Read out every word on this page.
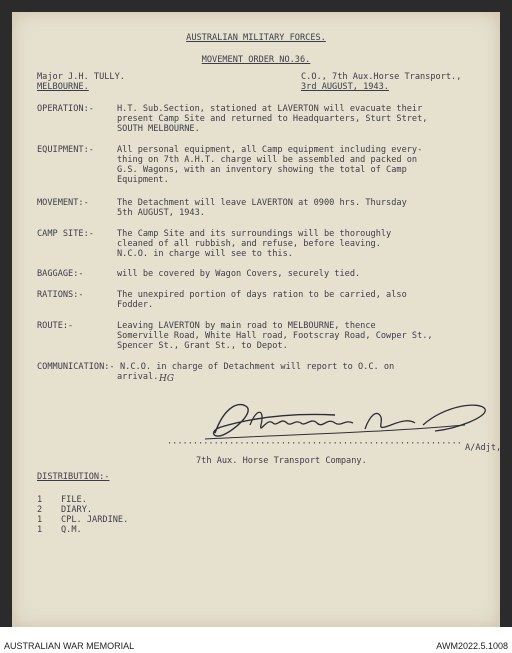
AUSTRALIAN MILITARY FORCES.
MOVEMENT ORDER NO.36.
Major J.H. TULLY.
MELBOURNE.
C.O., 7th Aux.Horse Transport.,
3rd AUGUST, 1943.
OPERATION:-	H.T. Sub.Section, stationed at LAVERTON will evacuate their
present Camp Site and returned to Headquarters, Sturt Stret,
SOUTH MELBOURNE.
EQUIPMENT:-	All personal equipment, all Camp equipment including every-
thing on 7th A.H.T. charge will be assembled and packed on
G.S. Wagons, with an inventory showing the total of Camp
Equipment.
MOVEMENT:-	The Detachment will leave LAVERTON at 0900 hrs. Thursday
5th AUGUST, 1943.
CAMP SITE:-	The Camp Site and its surroundings will be thoroughly
cleaned of all rubbish, and refuse, before leaving.
N.C.O. in charge will see to this.
BAGGAGE:-	will be covered by Wagon Covers, securely tied.
RATIONS:-	The unexpired portion of days ration to be carried, also
Fodder.
ROUTE:-	Leaving LAVERTON by main road to MELBOURNE, thence
Somerville Road, White Hall road, Footscray Road, Cowper St.,
Spencer St., Grant St., to Depot.
COMMUNICATION:- N.C.O. in charge of Detachment will report to O.C. on
arrival. HG
························································· A/Adjt,
7th Aux. Horse Transport Company.
DISTRIBUTION:-
1 FILE.
2 DIARY.
1 CPL. JARDINE.
1 Q.M.
AUSTRALIAN WAR MEMORIAL	AWM2022.5.1008
